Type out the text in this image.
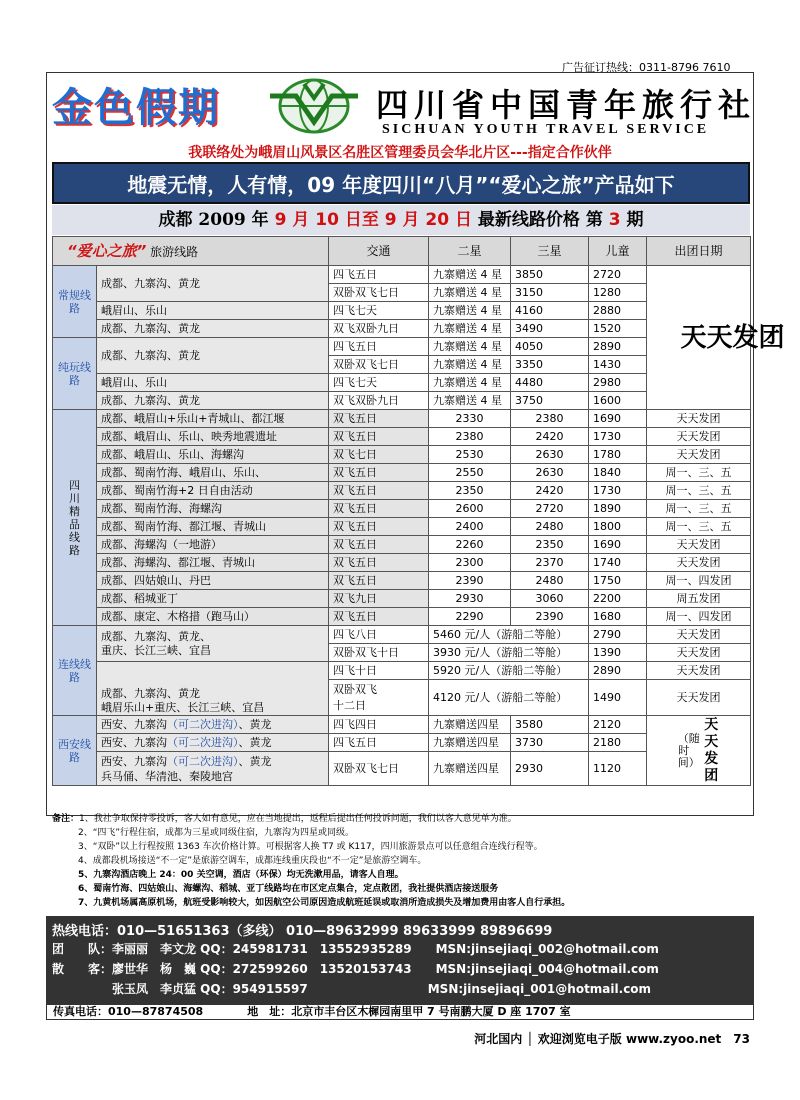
广告征订热线：0311-8796 7610
金色假期	四川省中国青年旅行社
SICHUAN YOUTH TRAVEL SERVICE
我联络处为峨眉山风景区名胜区管理委员会华北片区---指定合作伙伴
地震无情，人有情，09 年度四川“八月”“爱心之旅”产品如下
成都 2009 年 9 月 10 日至 9 月 20 日 最新线路价格 第 3 期
“爱心之旅” 旅游线路		交通	二星	三星	儿童	出团日期
常规线路	成都、九寨沟、黄龙	四飞五日	九寨赠送 4 星	3850	2720	天天发团

		双卧双飞七日	九寨赠送 4 星	3150	1280	
	峨眉山、乐山	四飞七天	九寨赠送 4 星	4160	2880	
	成都、九寨沟、黄龙	双飞双卧九日	九寨赠送 4 星	3490	1520	
纯玩线路	成都、九寨沟、黄龙	四飞五日	九寨赠送 4 星	4050	2890	
		双卧双飞七日	九寨赠送 4 星	3350	1430	
	峨眉山、乐山	四飞七天	九寨赠送 4 星	4480	2980	
	成都、九寨沟、黄龙	双飞双卧九日	九寨赠送 4 星	3750	1600	
四川精品线路	成都、峨眉山+乐山+青城山、都江堰	双飞五日	2330	2380	1690	天天发团
	成都、峨眉山、乐山、映秀地震遗址	双飞五日	2380	2420	1730	天天发团
	成都、峨眉山、乐山、海螺沟	双飞七日	2530	2630	1780	天天发团
	成都、蜀南竹海、峨眉山、乐山、	双飞五日	2550	2630	1840	周一、三、五
	成都、蜀南竹海+2 日自由活动	双飞五日	2350	2420	1730	周一、三、五
	成都、蜀南竹海、海螺沟	双飞五日	2600	2720	1890	周一、三、五
	成都、蜀南竹海、都江堰、青城山	双飞五日	2400	2480	1800	周一、三、五
	成都、海螺沟（一地游）	双飞五日	2260	2350	1690	天天发团
	成都、海螺沟、都江堰、青城山	双飞五日	2300	2370	1740	天天发团
	成都、四姑娘山、丹巴	双飞五日	2390	2480	1750	周一、四发团
	成都、稻城亚丁	双飞九日	2930	3060	2200	周五发团
	成都、康定、木格措（跑马山）	双飞五日	2290	2390	1680	周一、四发团
连线线路	成都、九寨沟、黄龙、
重庆、长江三峡、宜昌	四飞八日	5460 元/人（游船二等舱）		2790	天天发团
		双卧双飞十日	3930 元/人（游船二等舱）		1390	天天发团

	成都、九寨沟、黄龙
峨眉乐山+重庆、长江三峡、宜昌	四飞十日	5920 元/人（游船二等舱）		2890	天天发团

		双卧双飞
十二日	4120 元/人（游船二等舱）		1490	天天发团
西安线路	西安、九寨沟（可二次进沟）、黄龙	四飞四日	九寨赠送四星	3580	2120	（随时间） 天天发团
	西安、九寨沟（可二次进沟）、黄龙	四飞五日	九寨赠送四星	3730	2180	

	西安、九寨沟（可二次进沟）、黄龙
兵马俑、华清池、秦陵地宫	双卧双飞七日	九寨赠送四星	2930	1120	
备注：1、我社争取保持零投诉，客人如有意见，应在当地提出，返程后提出任何投诉问题，我们以客人意见单为准。
2、“四飞”行程住宿，成都为三星或同级住宿，九寨沟为四星或同级。
3、“双卧”以上行程按照 1363 车次价格计算。可根据客人换 T7 或 K117，四川旅游景点可以任意组合连线行程等。
4、成都段机场接送“不一定”是旅游空调车，成都连线重庆段也“不一定”是旅游空调车。
5、九寨沟酒店晚上 24：00 关空调，酒店（环保）均无洗漱用品，请客人自理。
6、蜀南竹海、四姑娘山、海螺沟、稻城、亚丁线路均在市区定点集合，定点散团，我社提供酒店接送服务
7、九黄机场属高原机场，航班受影响较大，如因航空公司原因造成航班延误或取消所造成损失及增加费用由客人自行承担。
热线电话：010—51651363（多线） 010—89632999 89633999 89896699
团　　队：李丽丽　李文龙 QQ：245981731　13552935289　　MSN:jinsejiaqi_002@hotmail.com
散　　客：廖世华　杨　巍 QQ：272599260　13520153743　　MSN:jinsejiaqi_004@hotmail.com
　　　　　张玉凤　李贞猛 QQ：954915597　　　　　　　　　　MSN:jinsejiaqi_001@hotmail.com
传真电话：010—87874508　　　　地　址：北京市丰台区木樨园南里甲 7 号南鹏大厦 D 座 1707 室
河北国内 │ 欢迎浏览电子版 www.zyoo.net　73
